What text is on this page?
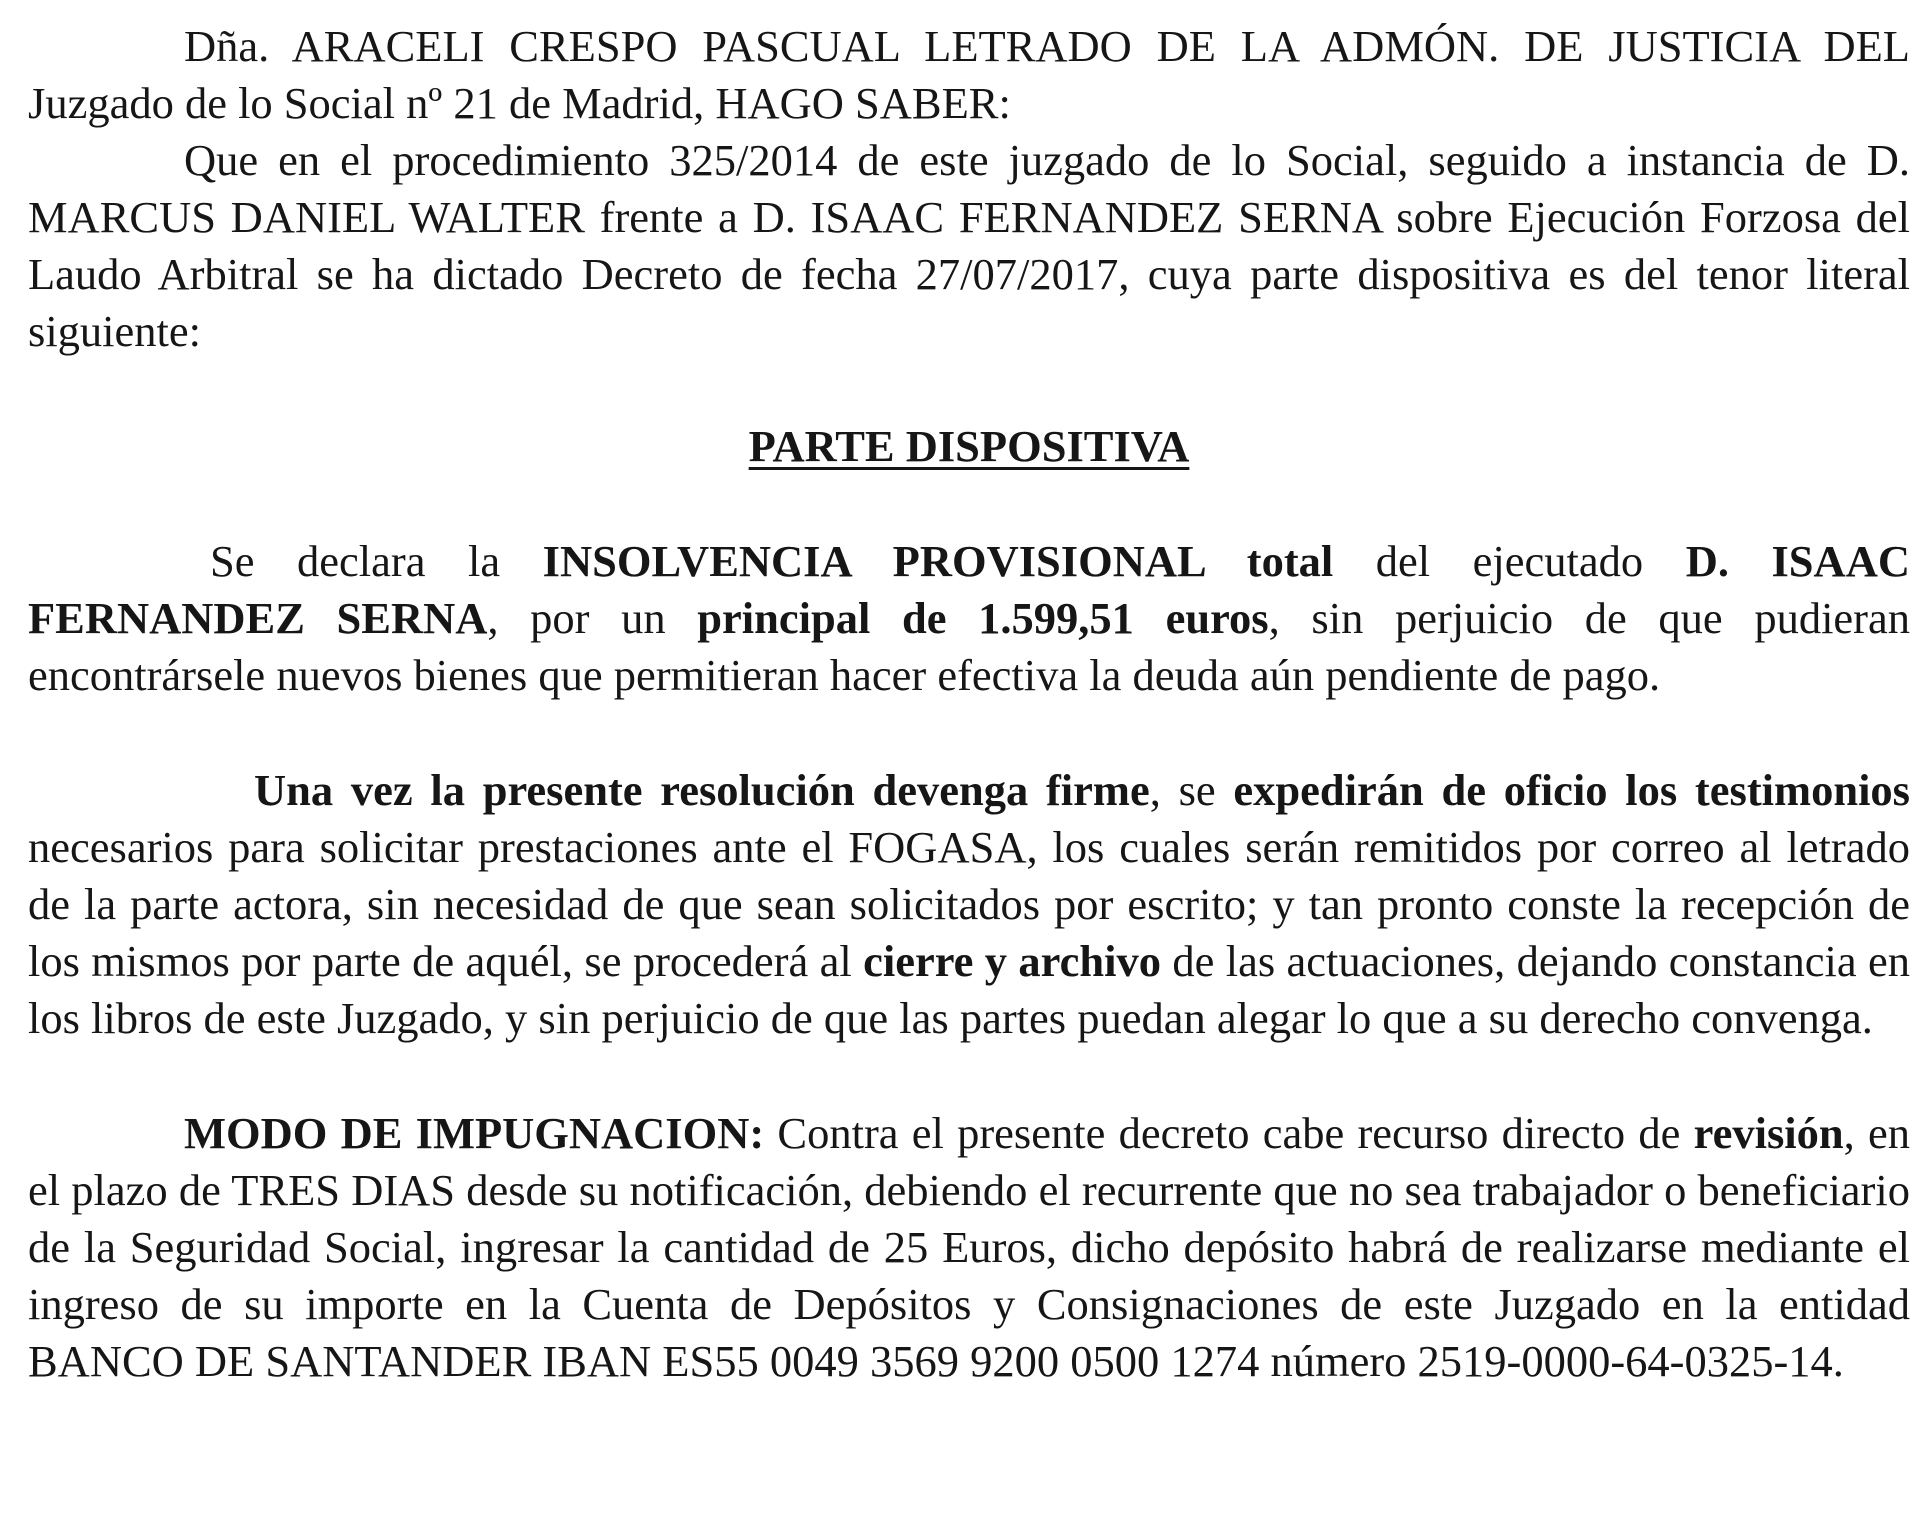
Dña. ARACELI CRESPO PASCUAL LETRADO DE LA ADMÓN. DE JUSTICIA DEL Juzgado de lo Social nº 21 de Madrid, HAGO SABER:

Que en el procedimiento 325/2014 de este juzgado de lo Social, seguido a instancia de D. MARCUS DANIEL WALTER frente a D. ISAAC FERNANDEZ SERNA sobre Ejecución Forzosa del Laudo Arbitral se ha dictado Decreto de fecha 27/07/2017, cuya parte dispositiva es del tenor literal siguiente:

PARTE DISPOSITIVA

Se declara la INSOLVENCIA PROVISIONAL total del ejecutado D. ISAAC FERNANDEZ SERNA, por un principal de 1.599,51 euros, sin perjuicio de que pudieran encontrársele nuevos bienes que permitieran hacer efectiva la deuda aún pendiente de pago.

Una vez la presente resolución devenga firme, se expedirán de oficio los testimonios necesarios para solicitar prestaciones ante el FOGASA, los cuales serán remitidos por correo al letrado de la parte actora, sin necesidad de que sean solicitados por escrito; y tan pronto conste la recepción de los mismos por parte de aquél, se procederá al cierre y archivo de las actuaciones, dejando constancia en los libros de este Juzgado, y sin perjuicio de que las partes puedan alegar lo que a su derecho convenga.

MODO DE IMPUGNACION: Contra el presente decreto cabe recurso directo de revisión, en el plazo de TRES DIAS desde su notificación, debiendo el recurrente que no sea trabajador o beneficiario de la Seguridad Social, ingresar la cantidad de 25 Euros, dicho depósito habrá de realizarse mediante el ingreso de su importe en la Cuenta de Depósitos y Consignaciones de este Juzgado en la entidad BANCO DE SANTANDER IBAN ES55 0049 3569 9200 0500 1274 número 2519-0000-64-0325-14.
